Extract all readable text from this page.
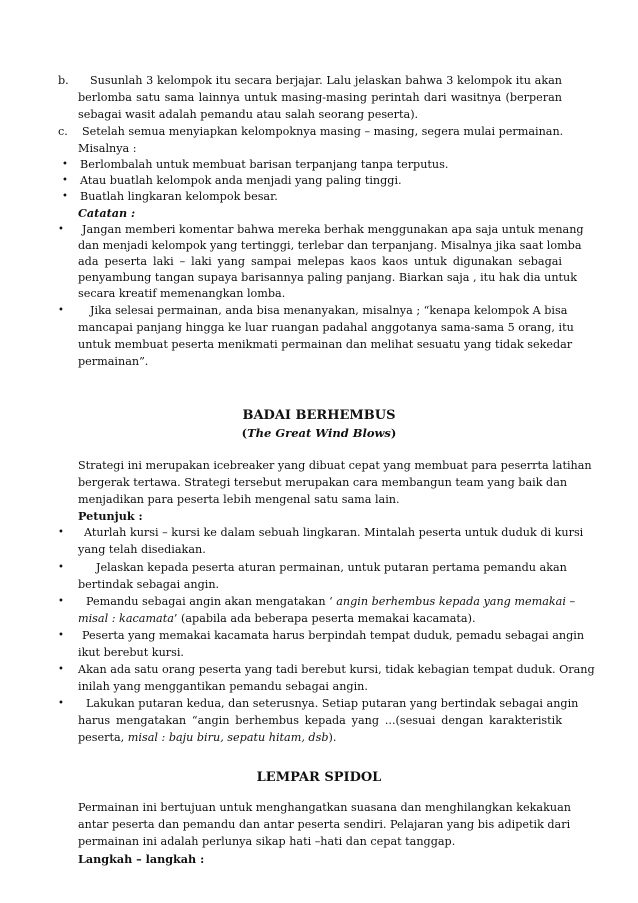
b. Susunlah 3 kelompok itu secara berjajar. Lalu jelaskan bahwa 3 kelompok itu akan
berlomba satu sama lainnya untuk masing-masing perintah dari wasitnya (berperan
sebagai wasit adalah pemandu atau salah seorang peserta).
c. Setelah semua menyiapkan kelompoknya masing – masing, segera mulai permainan.
Misalnya :
• Berlombalah untuk membuat barisan terpanjang tanpa terputus.
• Atau buatlah kelompok anda menjadi yang paling tinggi.
• Buatlah lingkaran kelompok besar.
Catatan :
• Jangan memberi komentar bahwa mereka berhak menggunakan apa saja untuk menang
dan menjadi kelompok yang tertinggi, terlebar dan terpanjang. Misalnya jika saat lomba
ada peserta laki – laki yang sampai melepas kaos kaos untuk digunakan sebagai
penyambung tangan supaya barisannya paling panjang. Biarkan saja , itu hak dia untuk
secara kreatif memenangkan lomba.
• Jika selesai permainan, anda bisa menanyakan, misalnya ; “kenapa kelompok A bisa
mancapai panjang hingga ke luar ruangan padahal anggotanya sama-sama 5 orang, itu
untuk membuat peserta menikmati permainan dan melihat sesuatu yang tidak sekedar
permainan”.
BADAI BERHEMBUS
(The Great Wind Blows)
Strategi ini merupakan icebreaker yang dibuat cepat yang membuat para peserrta latihan
bergerak tertawa. Strategi tersebut merupakan cara membangun team yang baik dan
menjadikan para peserta lebih mengenal satu sama lain.
Petunjuk :
• Aturlah kursi – kursi ke dalam sebuah lingkaran. Mintalah peserta untuk duduk di kursi
yang telah disediakan.
•	Jelaskan kepada peserta aturan permainan, untuk putaran pertama pemandu akan
bertindak sebagai angin.
• Pemandu sebagai angin akan mengatakan ‘ angin berhembus kepada yang memakai –
misal : kacamata’ (apabila ada beberapa peserta memakai kacamata).
• Peserta yang memakai kacamata harus berpindah tempat duduk, pemadu sebagai angin
ikut berebut kursi.
• Akan ada satu orang peserta yang tadi berebut kursi, tidak kebagian tempat duduk. Orang
inilah yang menggantikan pemandu sebagai angin.
• Lakukan putaran kedua, dan seterusnya. Setiap putaran yang bertindak sebagai angin
harus mengatakan “angin berhembus kepada yang ...(sesuai dengan karakteristik
peserta, misal : baju biru, sepatu hitam, dsb).
LEMPAR SPIDOL
Permainan ini bertujuan untuk menghangatkan suasana dan menghilangkan kekakuan
antar peserta dan pemandu dan antar peserta sendiri. Pelajaran yang bis adipetik dari
permainan ini adalah perlunya sikap hati –hati dan cepat tanggap.
Langkah – langkah :
